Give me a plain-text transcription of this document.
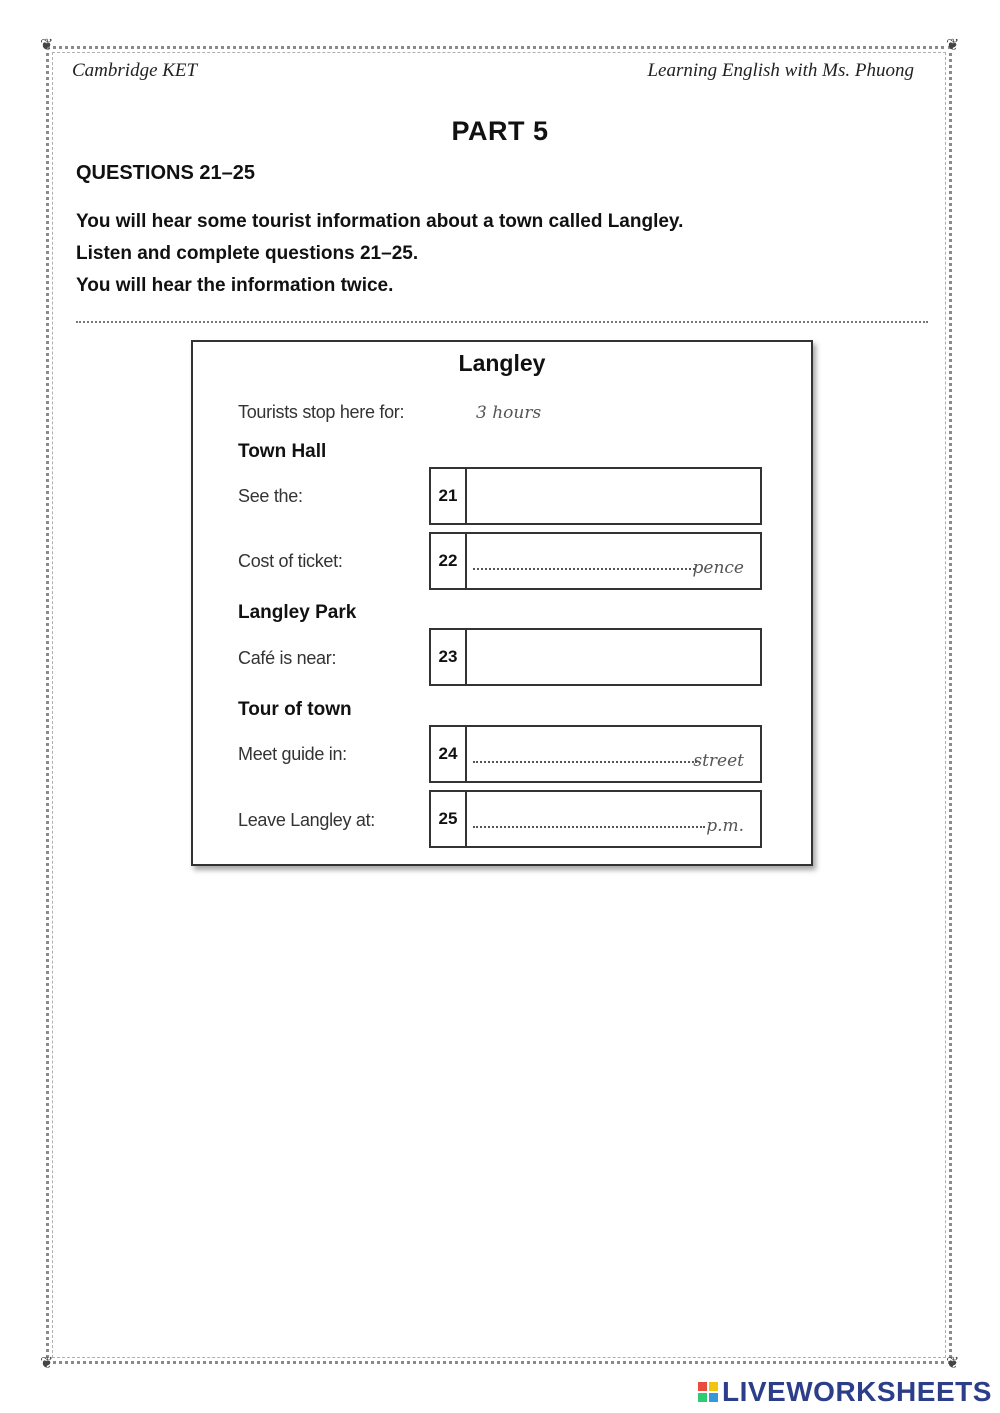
❦	❦
❦	❦
Cambridge KET	Learning English with Ms. Phuong
PART 5
QUESTIONS 21–25
You will hear some tourist information about a town called Langley.
Listen and complete questions 21–25.
You will hear the information twice.
Langley
Tourists stop here for:	3 hours
Town Hall
Langley Park
Tour of town
See the:	21
Cost of ticket:	22	pence
Café is near:	23
Meet guide in:	24	street
Leave Langley at:	25	p.m.
LIVEWORKSHEETS
